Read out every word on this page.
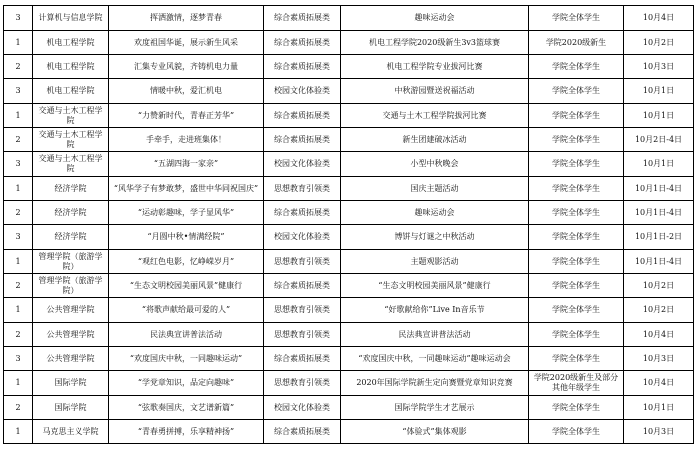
3	计算机与信息学院	挥洒激情，逐梦青春	综合素质拓展类	趣味运动会	学院全体学生	10月4日
1	机电工程学院	欢度祖国华诞，展示新生风采	综合素质拓展类	机电工程学院2020级新生3v3篮球赛	学院2020级新生	10月2日
2	机电工程学院	汇集专业风貌，齐铸机电力量	综合素质拓展类	机电工程学院专业拔河比赛	学院全体学生	10月3日
3	机电工程学院	情暖中秋，爱汇机电	校园文化体验类	中秋游园暨送祝福活动	学院全体学生	10月1日
1	交通与土木工程学院	“力赞新时代，青春正芳华”	综合素质拓展类	交通与土木工程学院拔河比赛	学院全体学生	10月1日
2	交通与土木工程学院	手牵手，走进班集体！	综合素质拓展类	新生团建破冰活动	学院全体学生	10月2日-4日
3	交通与土木工程学院	“五湖四海一家亲”	校园文化体验类	小型中秋晚会	学院全体学生	10月1日
1	经济学院	“风华学子有梦敢梦，盛世中华同祝国庆”	思想教育引领类	国庆主题活动	学院全体学生	10月1日-4日
2	经济学院	“运动彰趣味，学子显风华”	综合素质拓展类	趣味运动会	学院全体学生	10月1日-4日
3	经济学院	“月圆中秋•情满经院”	校园文化体验类	博饼与灯谜之中秋活动	学院全体学生	10月1日-2日
1	管理学院（旅游学院）	“观红色电影，忆峥嵘岁月”	思想教育引领类	主题观影活动	学院全体学生	10月1日-4日
2	管理学院（旅游学院）	“生态文明校园美丽风景”健康行	综合素质拓展类	“生态文明校园美丽风景”健康行	学院全体学生	10月2日
1	公共管理学院	“将歌声献给最可爱的人”	思想教育引领类	“好歌献给你”Live In音乐节	学院全体学生	10月2日
2	公共管理学院	民法典宣讲普法活动	思想教育引领类	民法典宣讲普法活动	学院全体学生	10月4日
3	公共管理学院	“欢度国庆中秋，一同趣味运动”	综合素质拓展类	“欢度国庆中秋，一同趣味运动”趣味运动会	学院全体学生	10月3日
1	国际学院	“学党章知识，品定向趣味”	思想教育引领类	2020年国际学院新生定向赛暨党章知识竞赛	学院2020级新生及部分其他年级学生	10月4日
2	国际学院	“弦歌奏国庆，文艺谱新篇”	校园文化体验类	国际学院学生才艺展示	学院全体学生	10月1日
1	马克思主义学院	“青春勇拼搏，乐享精神扬”	综合素质拓展类	“体验式”集体观影	学院全体学生	10月3日
